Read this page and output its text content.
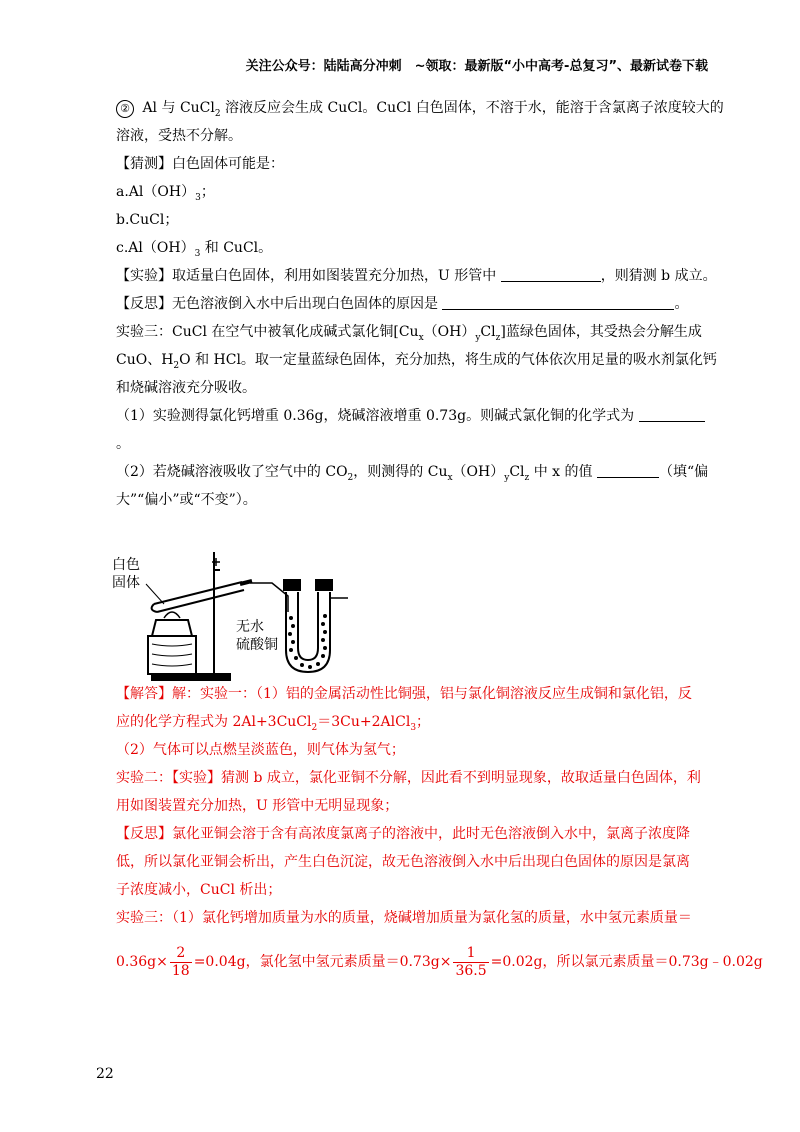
关注公众号：陆陆高分冲刺　~领取：最新版“小中高考-总复习”、最新试卷下载
② Al 与 CuCl$_2$ 溶液反应会生成 CuCl。CuCl 白色固体，不溶于水，能溶于含氯离子浓度较大的
溶液，受热不分解。
【猜测】白色固体可能是：
$a.Al(OH)_3$；
b.CuCl；
$c.Al(OH)_3$ 和 CuCl。
【实验】取适量白色固体，利用如图装置充分加热，U 形管中	，则猜测 b 成立。
【反思】无色溶液倒入水中后出现白色固体的原因是	。
实验三：CuCl 在空气中被氧化成碱式氯化铜$[Cu_x(OH)_yCl_z]$蓝绿色固体，其受热会分解生成
CuO、$H_2O$ 和 HCl。取一定量蓝绿色固体，充分加热，将生成的气体依次用足量的吸水剂氯化钙
和烧碱溶液充分吸收。
（1）实验测得氯化钙增重 0.36g，烧碱溶液增重 0.73g。则碱式氯化铜的化学式为
。
（2）若烧碱溶液吸收了空气中的 $CO_2$，则测得的 $Cu_x(OH)_yCl_z$ 中 x 的值	（填“偏
大”“偏小”或“不变”）。
【解答】解：实验一：（1）铝的金属活动性比铜强，铝与氯化铜溶液反应生成铜和氯化铝，反
应的化学方程式为 2Al+3CuCl$_2$＝3Cu+2AlCl$_3$；
（2）气体可以点燃呈淡蓝色，则气体为氢气；
实验二：【实验】猜测 b 成立，氯化亚铜不分解，因此看不到明显现象，故取适量白色固体，利
用如图装置充分加热，U 形管中无明显现象；
【反思】氯化亚铜会溶于含有高浓度氯离子的溶液中，此时无色溶液倒入水中，氯离子浓度降
低，所以氯化亚铜会析出，产生白色沉淀，故无色溶液倒入水中后出现白色固体的原因是氯离
子浓度减小，CuCl 析出；
实验三：（1）氯化钙增加质量为水的质量，烧碱增加质量为氯化氢的质量，水中氢元素质量＝
$0.36g\times \frac{2}{18} =0.04g$，氯化氢中氢元素质量$=0.73g\times \frac{1}{36.5} =0.02g$，所以氯元素质量＝0.73g﹣0.02g
白色
固体
无水
硫酸铜
22
